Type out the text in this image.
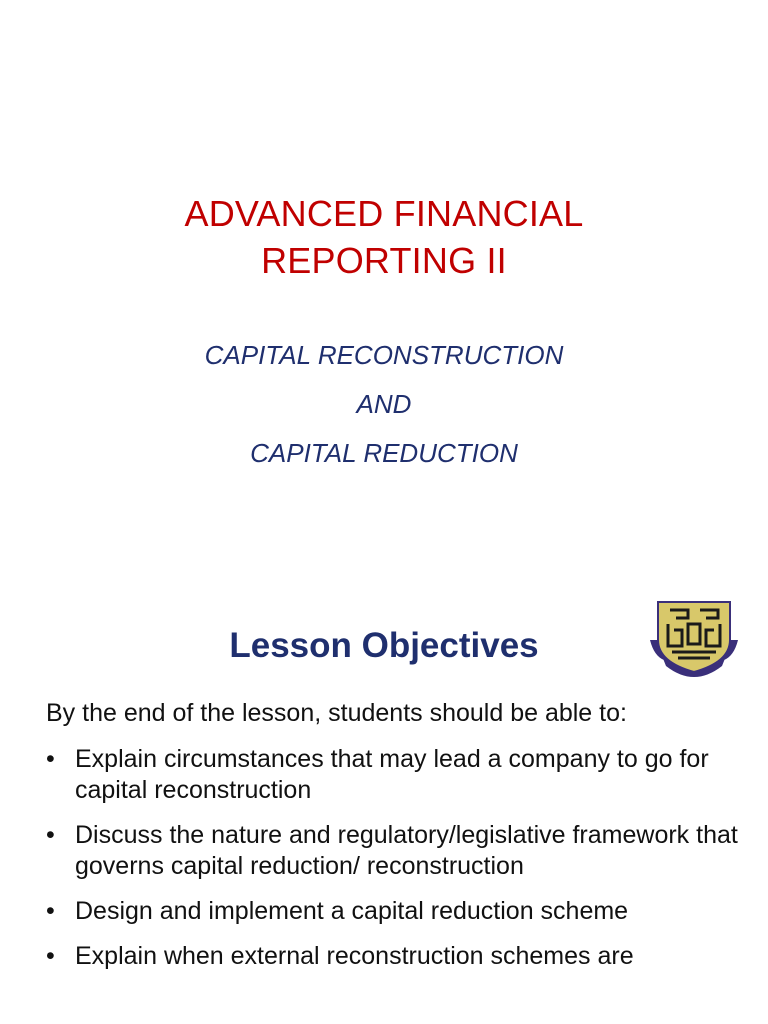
ADVANCED FINANCIAL
REPORTING II
CAPITAL RECONSTRUCTION
AND
CAPITAL REDUCTION
Lesson Objectives
By the end of the lesson, students should be able to:
• Explain circumstances that may lead a company to go for capital reconstruction
• Discuss the nature and regulatory/legislative framework that governs capital reduction/ reconstruction
• Design and implement a capital reduction scheme
• Explain when external reconstruction schemes are
